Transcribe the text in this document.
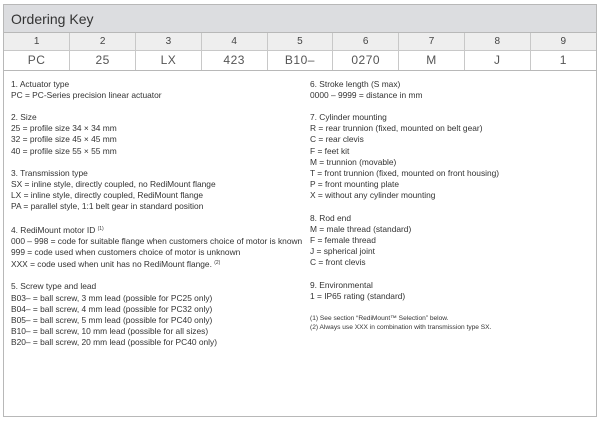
Ordering Key
1	2	3	4	5	6	7	8	9
PC	25	LX	423	B10–	0270	M	J	1
1. Actuator type
PC = PC-Series precision linear actuator
2. Size
25 = profile size 34 × 34 mm
32 = profile size 45 × 45 mm
40 = profile size 55 × 55 mm
3. Transmission type
SX = inline style, directly coupled, no RediMount flange
LX = inline style, directly coupled, RediMount flange
PA = parallel style, 1:1 belt gear in standard position
4. RediMount motor ID $^{(1)}$
000 – 998 = code for suitable flange when customers choice of motor is known
999 = code used when customers choice of motor is unknown
XXX = code used when unit has no RediMount flange. $^{(2)}$
5. Screw type and lead
B03– = ball screw, 3 mm lead (possible for PC25 only)
B04– = ball screw, 4 mm lead (possible for PC32 only)
B05– = ball screw, 5 mm lead (possible for PC40 only)
B10– = ball screw, 10 mm lead (possible for all sizes)
B20– = ball screw, 20 mm lead (possible for PC40 only)
6. Stroke length (S max)
0000 – 9999 = distance in mm
7. Cylinder mounting
R = rear trunnion (fixed, mounted on belt gear)
C = rear clevis
F = feet kit
M = trunnion (movable)
T = front trunnion (fixed, mounted on front housing)
P = front mounting plate
X = without any cylinder mounting
8. Rod end
M = male thread (standard)
F = female thread
J = spherical joint
C = front clevis
9. Environmental
1 = IP65 rating (standard)
(1) See section “RediMount™ Selection” below.
(2) Always use XXX in combination with transmission type SX.
